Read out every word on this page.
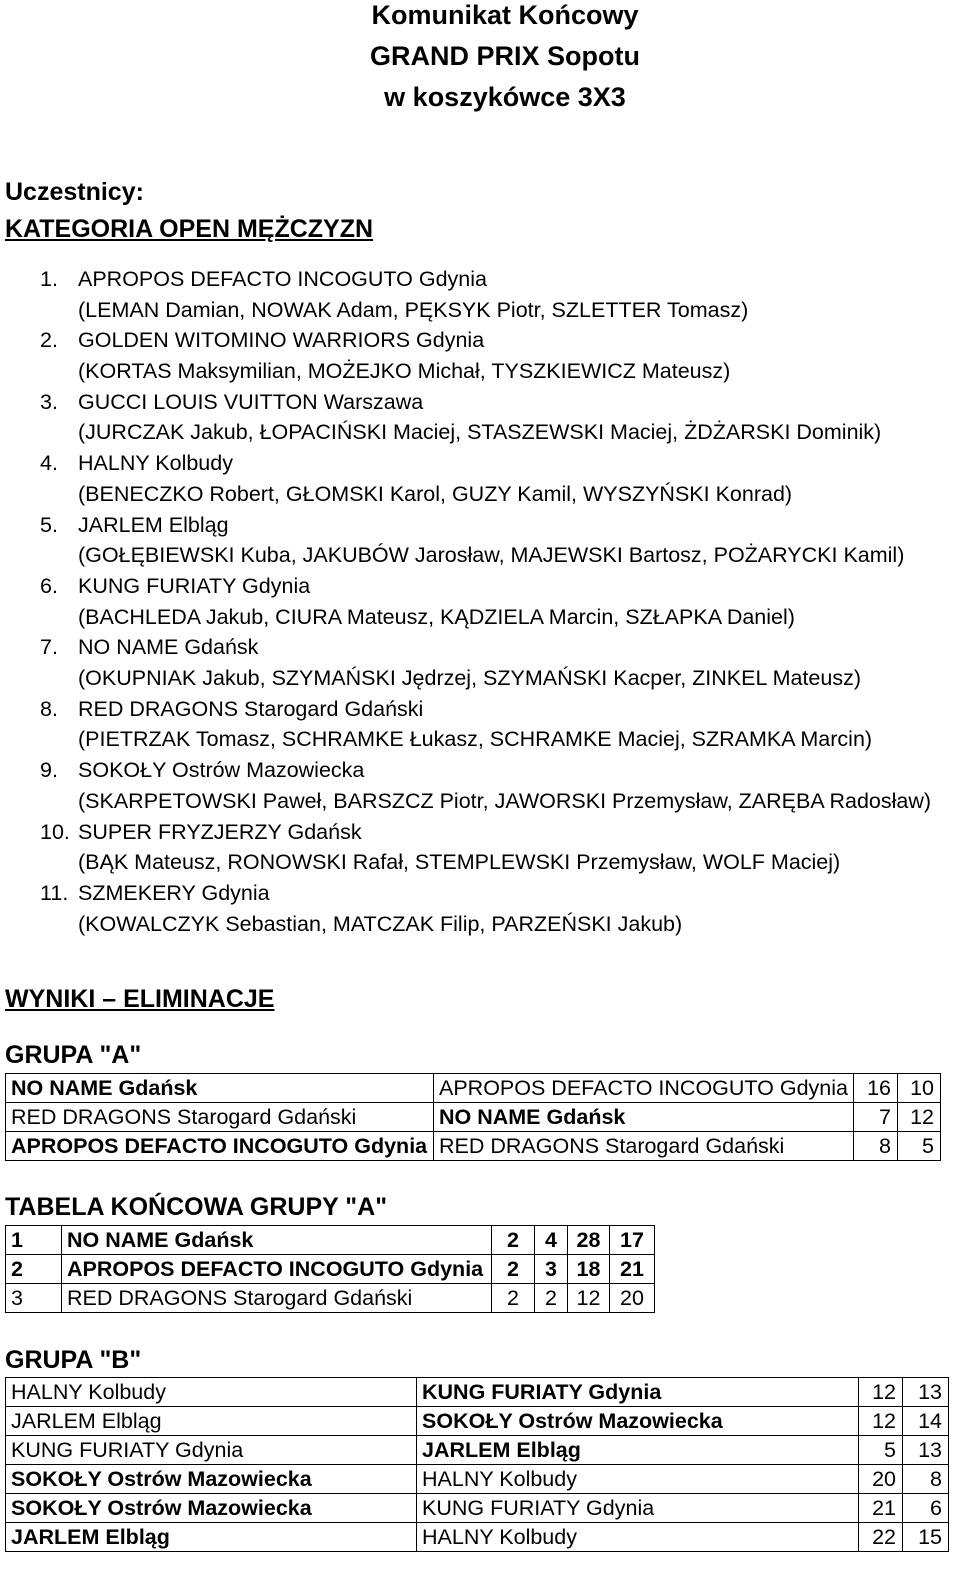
Komunikat Końcowy
GRAND PRIX Sopotu
w koszykówce 3X3
Uczestnicy:
KATEGORIA OPEN MĘŻCZYZN
1. APROPOS DEFACTO INCOGUTO Gdynia
(LEMAN Damian, NOWAK Adam, PĘKSYK Piotr, SZLETTER Tomasz)
2. GOLDEN WITOMINO WARRIORS Gdynia
(KORTAS Maksymilian, MOŻEJKO Michał, TYSZKIEWICZ Mateusz)
3. GUCCI LOUIS VUITTON Warszawa
(JURCZAK Jakub, ŁOPACIŃSKI Maciej, STASZEWSKI Maciej, ŻDŻARSKI Dominik)
4. HALNY Kolbudy
(BENECZKO Robert, GŁOMSKI Karol, GUZY Kamil, WYSZYŃSKI Konrad)
5. JARLEM Elbląg
(GOŁĘBIEWSKI Kuba, JAKUBÓW Jarosław, MAJEWSKI Bartosz, POŻARYCKI Kamil)
6. KUNG FURIATY Gdynia
(BACHLEDA Jakub, CIURA Mateusz, KĄDZIELA Marcin, SZŁAPKA Daniel)
7. NO NAME Gdańsk
(OKUPNIAK Jakub, SZYMAŃSKI Jędrzej, SZYMAŃSKI Kacper, ZINKEL Mateusz)
8. RED DRAGONS Starogard Gdański
(PIETRZAK Tomasz, SCHRAMKE Łukasz, SCHRAMKE Maciej, SZRAMKA Marcin)
9. SOKOŁY Ostrów Mazowiecka
(SKARPETOWSKI Paweł, BARSZCZ Piotr, JAWORSKI Przemysław, ZARĘBA Radosław)
10. SUPER FRYZJERZY Gdańsk
(BĄK Mateusz, RONOWSKI Rafał, STEMPLEWSKI Przemysław, WOLF Maciej)
11. SZMEKERY Gdynia
(KOWALCZYK Sebastian, MATCZAK Filip, PARZEŃSKI Jakub)
WYNIKI – ELIMINACJE
GRUPA "A"
NO NAME Gdańsk	APROPOS DEFACTO INCOGUTO Gdynia	16	10
RED DRAGONS Starogard Gdański	NO NAME Gdańsk	7	12
APROPOS DEFACTO INCOGUTO Gdynia	RED DRAGONS Starogard Gdański	8	5
TABELA KOŃCOWA GRUPY "A"
1	NO NAME Gdańsk	2	4	28	17
2	APROPOS DEFACTO INCOGUTO Gdynia	2	3	18	21
3	RED DRAGONS Starogard Gdański	2	2	12	20
GRUPA "B"
HALNY Kolbudy	KUNG FURIATY Gdynia	12	13
JARLEM Elbląg	SOKOŁY Ostrów Mazowiecka	12	14
KUNG FURIATY Gdynia	JARLEM Elbląg	5	13
SOKOŁY Ostrów Mazowiecka	HALNY Kolbudy	20	8
SOKOŁY Ostrów Mazowiecka	KUNG FURIATY Gdynia	21	6
JARLEM Elbląg	HALNY Kolbudy	22	15
